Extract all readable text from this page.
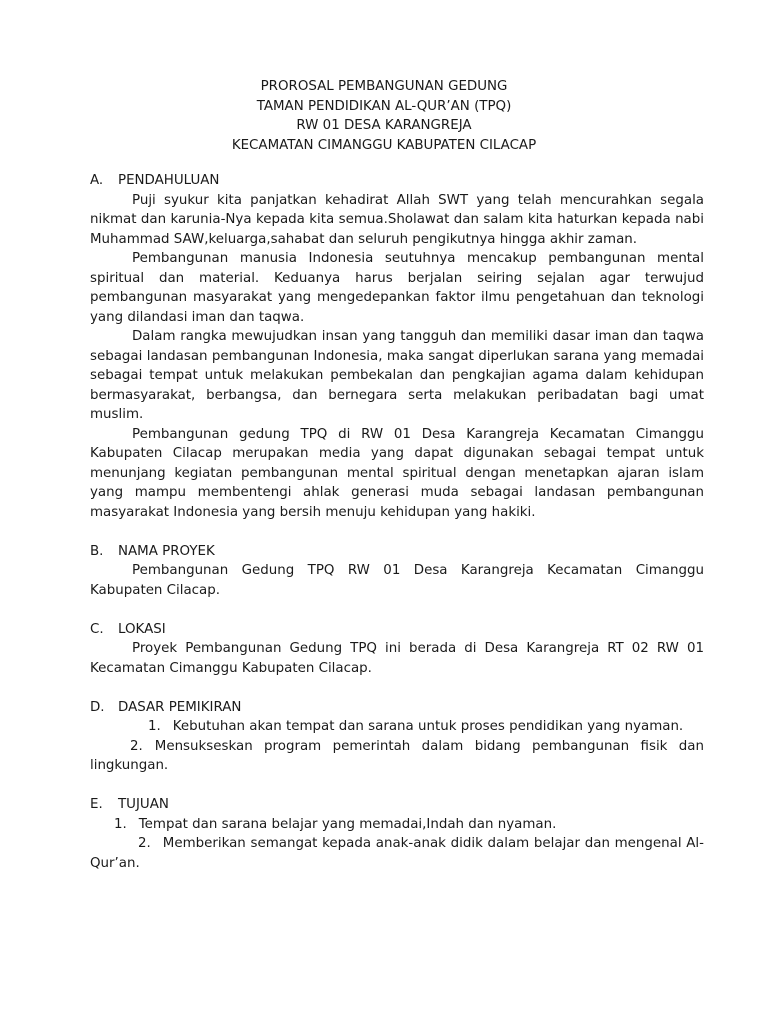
PROROSAL PEMBANGUNAN GEDUNG
TAMAN PENDIDIKAN AL-QUR’AN (TPQ)
RW 01 DESA KARANGREJA
KECAMATAN CIMANGGU KABUPATEN CILACAP
A. PENDAHULUAN

Puji syukur kita panjatkan kehadirat Allah SWT yang telah mencurahkan segala nikmat dan karunia-Nya kepada kita semua.Sholawat dan salam kita haturkan kepada nabi Muhammad SAW,keluarga,sahabat dan seluruh pengikutnya hingga akhir zaman.

Pembangunan manusia Indonesia seutuhnya mencakup pembangunan mental spiritual dan material. Keduanya harus berjalan seiring sejalan agar terwujud pembangunan masyarakat yang mengedepankan faktor ilmu pengetahuan dan teknologi yang dilandasi iman dan taqwa.

Dalam rangka mewujudkan insan yang tangguh dan memiliki dasar iman dan taqwa sebagai landasan pembangunan Indonesia, maka sangat diperlukan sarana yang memadai sebagai tempat untuk melakukan pembekalan dan pengkajian agama dalam kehidupan bermasyarakat, berbangsa, dan bernegara serta melakukan peribadatan bagi umat muslim.

Pembangunan gedung TPQ di RW 01 Desa Karangreja Kecamatan Cimanggu Kabupaten Cilacap merupakan media yang dapat digunakan sebagai tempat untuk menunjang kegiatan pembangunan mental spiritual dengan menetapkan ajaran islam yang mampu membentengi ahlak generasi muda sebagai landasan pembangunan masyarakat Indonesia yang bersih menuju kehidupan yang hakiki.

B. NAMA PROYEK

Pembangunan Gedung TPQ RW 01 Desa Karangreja Kecamatan Cimanggu Kabupaten Cilacap.

C. LOKASI

Proyek Pembangunan Gedung TPQ ini berada di Desa Karangreja RT 02 RW 01 Kecamatan Cimanggu Kabupaten Cilacap.

D. DASAR PEMIKIRAN
1. Kebutuhan akan tempat dan sarana untuk proses pendidikan yang nyaman.
2. Mensukseskan program pemerintah dalam bidang pembangunan fisik dan lingkungan.
E. TUJUAN
1. Tempat dan sarana belajar yang memadai,Indah dan nyaman.
2. Memberikan semangat kepada anak-anak didik dalam belajar dan mengenal Al-Qur’an.
